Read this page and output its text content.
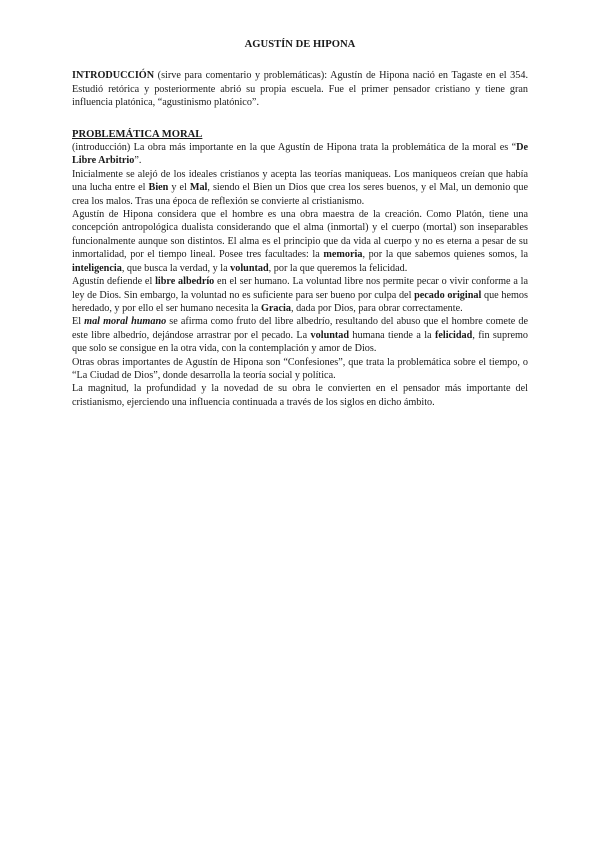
AGUSTÍN DE HIPONA

INTRODUCCIÓN (sirve para comentario y problemáticas): Agustín de Hipona nació en Tagaste en el 354. Estudió retórica y posteriormente abrió su propia escuela. Fue el primer pensador cristiano y tiene gran influencia platónica, “agustinismo platónico”.

PROBLEMÁTICA MORAL

(introducción) La obra más importante en la que Agustín de Hipona trata la problemática de la moral es “De Libre Arbitrio”.

Inicialmente se alejó de los ideales cristianos y acepta las teorías maniqueas. Los maniqueos creían que había una lucha entre el Bien y el Mal, siendo el Bien un Dios que crea los seres buenos, y el Mal, un demonio que crea los malos. Tras una época de reflexión se convierte al cristianismo.

Agustín de Hipona considera que el hombre es una obra maestra de la creación. Como Platón, tiene una concepción antropológica dualista considerando que el alma (inmortal) y el cuerpo (mortal) son inseparables funcionalmente aunque son distintos. El alma es el principio que da vida al cuerpo y no es eterna a pesar de su inmortalidad, por el tiempo lineal. Posee tres facultades: la memoria, por la que sabemos quienes somos, la inteligencia, que busca la verdad, y la voluntad, por la que queremos la felicidad.

Agustín defiende el libre albedrío en el ser humano. La voluntad libre nos permite pecar o vivir conforme a la ley de Dios. Sin embargo, la voluntad no es suficiente para ser bueno por culpa del pecado original que hemos heredado, y por ello el ser humano necesita la Gracia, dada por Dios, para obrar correctamente.

El mal moral humano se afirma como fruto del libre albedrío, resultando del abuso que el hombre comete de este libre albedrío, dejándose arrastrar por el pecado. La voluntad humana tiende a la felicidad, fin supremo que solo se consigue en la otra vida, con la contemplación y amor de Dios.

Otras obras importantes de Agustín de Hipona son “Confesiones”, que trata la problemática sobre el tiempo, o “La Ciudad de Dios”, donde desarrolla la teoría social y política.

La magnitud, la profundidad y la novedad de su obra le convierten en el pensador más importante del cristianismo, ejerciendo una influencia continuada a través de los siglos en dicho ámbito.
